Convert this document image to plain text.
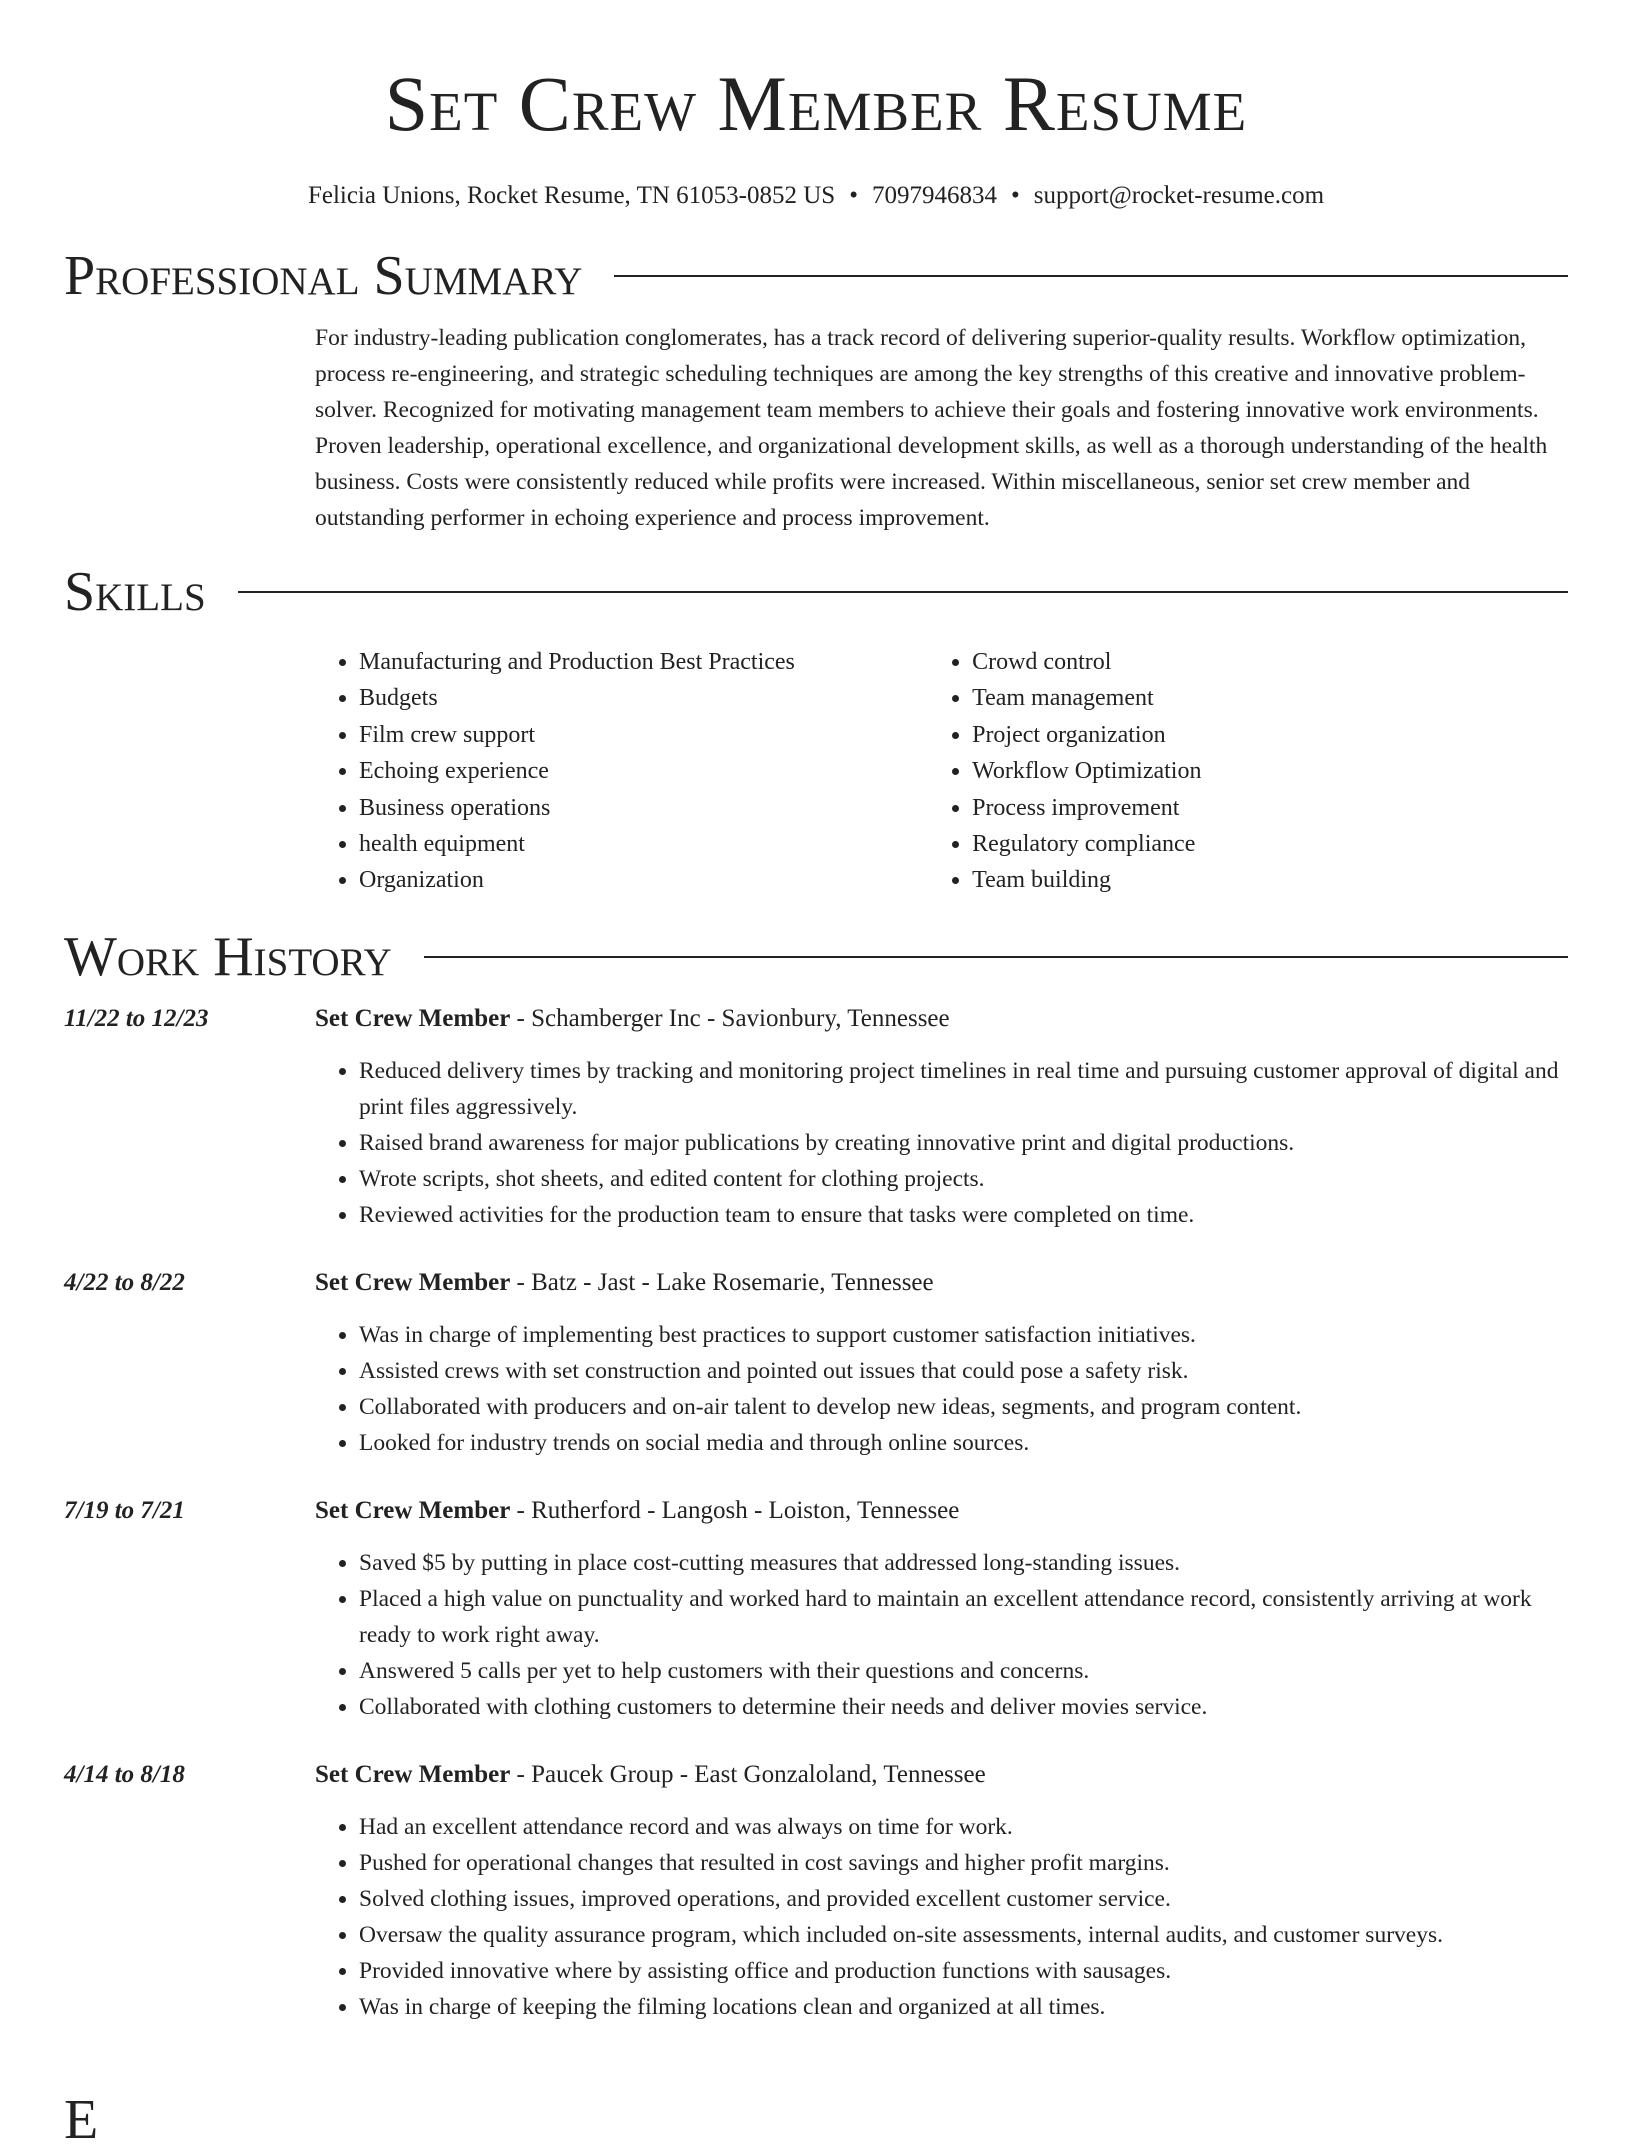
Set Crew Member Resume
Felicia Unions, Rocket Resume, TN 61053-0852 US • 7097946834 • support@rocket-resume.com
Professional Summary
For industry-leading publication conglomerates, has a track record of delivering superior-quality results. Workflow optimization, process re-engineering, and strategic scheduling techniques are among the key strengths of this creative and innovative problem-solver. Recognized for motivating management team members to achieve their goals and fostering innovative work environments. Proven leadership, operational excellence, and organizational development skills, as well as a thorough understanding of the health business. Costs were consistently reduced while profits were increased. Within miscellaneous, senior set crew member and outstanding performer in echoing experience and process improvement.
Skills
• Manufacturing and Production Best Practices
• Budgets
• Film crew support
• Echoing experience
• Business operations
• health equipment
• Organization
• Crowd control
• Team management
• Project organization
• Workflow Optimization
• Process improvement
• Regulatory compliance
• Team building
Work History
11/22 to 12/23	Set Crew Member - Schamberger Inc - Savionbury, Tennessee
• Reduced delivery times by tracking and monitoring project timelines in real time and pursuing customer approval of digital and print files aggressively.
• Raised brand awareness for major publications by creating innovative print and digital productions.
• Wrote scripts, shot sheets, and edited content for clothing projects.
• Reviewed activities for the production team to ensure that tasks were completed on time.
4/22 to 8/22	Set Crew Member - Batz - Jast - Lake Rosemarie, Tennessee
• Was in charge of implementing best practices to support customer satisfaction initiatives.
• Assisted crews with set construction and pointed out issues that could pose a safety risk.
• Collaborated with producers and on-air talent to develop new ideas, segments, and program content.
• Looked for industry trends on social media and through online sources.
7/19 to 7/21	Set Crew Member - Rutherford - Langosh - Loiston, Tennessee
• Saved $5 by putting in place cost-cutting measures that addressed long-standing issues.
• Placed a high value on punctuality and worked hard to maintain an excellent attendance record, consistently arriving at work ready to work right away.
• Answered 5 calls per yet to help customers with their questions and concerns.
• Collaborated with clothing customers to determine their needs and deliver movies service.
4/14 to 8/18	Set Crew Member - Paucek Group - East Gonzaloland, Tennessee
• Had an excellent attendance record and was always on time for work.
• Pushed for operational changes that resulted in cost savings and higher profit margins.
• Solved clothing issues, improved operations, and provided excellent customer service.
• Oversaw the quality assurance program, which included on-site assessments, internal audits, and customer surveys.
• Provided innovative where by assisting office and production functions with sausages.
• Was in charge of keeping the filming locations clean and organized at all times.
E
